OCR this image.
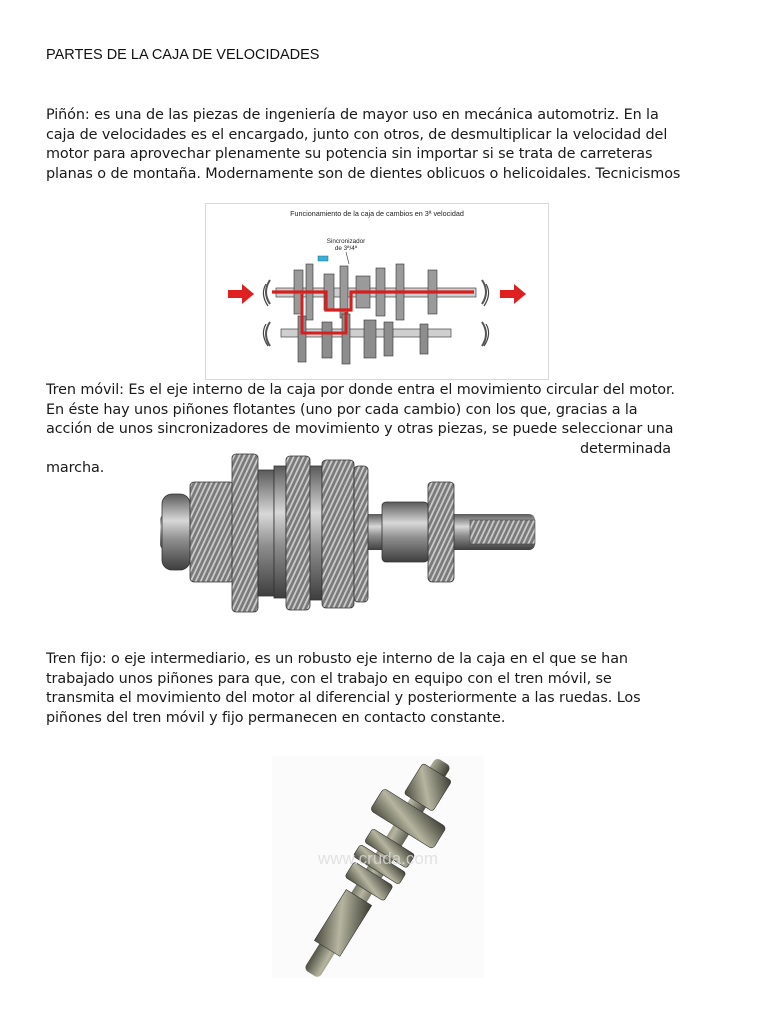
PARTES DE LA CAJA DE VELOCIDADES

Piñón: es una de las piezas de ingeniería de mayor uso en mecánica automotriz. En la
caja de velocidades es el encargado, junto con otros, de desmultiplicar la velocidad del
motor para aprovechar plenamente su potencia sin importar si se trata de carreteras
planas o de montaña. Modernamente son de dientes oblicuos o helicoidales. Tecnicismos

Funcionamiento de la caja de cambios en 3ª velocidad
Sincronizador
de 3ª/4ª

Tren móvil: Es el eje interno de la caja por donde entra el movimiento circular del motor.
En éste hay unos piñones flotantes (uno por cada cambio) con los que, gracias a la
acción de unos sincronizadores de movimiento y otras piezas, se puede seleccionar una
determinada
marcha.

Tren fijo: o eje intermediario, es un robusto eje interno de la caja en el que se han
trabajado unos piñones para que, con el trabajo en equipo con el tren móvil, se
transmita el movimiento del motor al diferencial y posteriormente a las ruedas. Los
piñones del tren móvil y fijo permanecen en contacto constante.

www.cruda.com
